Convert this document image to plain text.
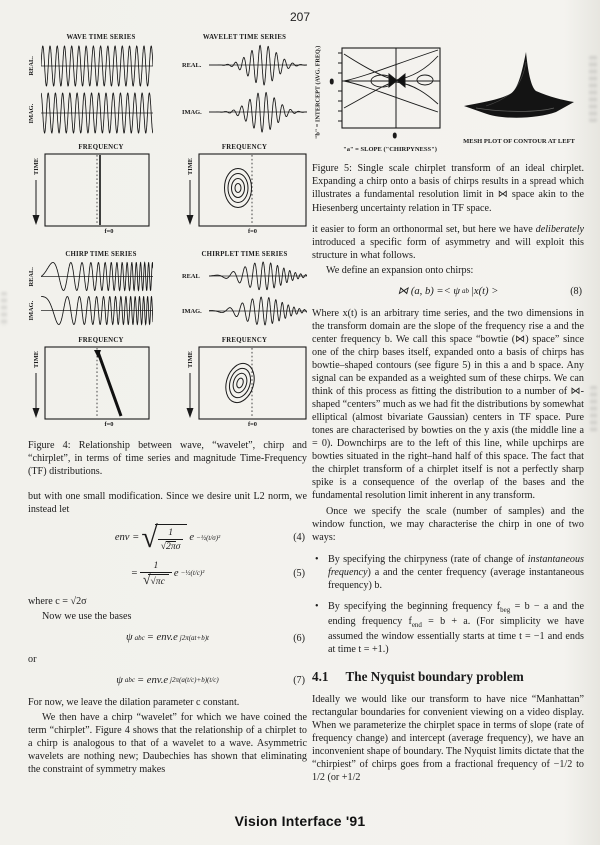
207
WAVE TIME SERIES
REAL.
IMAG.
WAVELET TIME SERIES
REAL.
IMAG.
FREQUENCY
TIME
f=0
FREQUENCY
TIME
f=0
CHIRP TIME SERIES
REAL.
IMAG.
CHIRPLET TIME SERIES
REAL
IMAG.
FREQUENCY
TIME
f=0
FREQUENCY
TIME
f=0
Figure 4: Relationship between wave, “wavelet”, chirp and “chirplet”, in terms of time series and magnitude Time-Frequency (TF) distributions.

but with one small modification. Since we desire unit L2 norm, we instead let

env = √ $\frac{1}{√2\pi\sigma}$ e −½(t/σ)²	(4)
= $\frac{1}{√ √\pi c}$ e −½(t/c)²	(5)

where c = √2σ

Now we use the bases

ψ abc = env.e j2π(at+b)t	(6)

or

ψ abc = env.e j2π(a(t/c)+b)(t/c)	(7)

For now, we leave the dilation parameter c constant.

We then have a chirp “wavelet” for which we have coined the term “chirplet”. Figure 4 shows that the relationship of a chirplet to a chirp is analogous to that of a wavelet to a wave. Asymmetric wavelets are nothing new; Daubechies has shown that eliminating the constraint of symmetry makes

"b" = INTERCEPT (AVG. FREQ.)	0
0
"a" = SLOPE ("CHIRPYNESS")
MESH PLOT OF CONTOUR AT LEFT
Figure 5: Single scale chirplet transform of an ideal chirplet. Expanding a chirp onto a basis of chirps results in a spread which illustrates a fundamental resolution limit in ⋈ space akin to the Hiesenberg uncertainty relation in TF space.

it easier to form an orthonormal set, but here we have deliberately introduced a specific form of asymmetry and will exploit this structure in what follows.

We define an expansion onto chirps:

⋈ (a, b) =< ψ ab |x(t) >	(8)

Where x(t) is an arbitrary time series, and the two dimensions in the transform domain are the slope of the frequency rise a and the center frequency b. We call this space “bowtie (⋈) space” since one of the chirp bases itself, expanded onto a basis of chirps has bowtie–shaped contours (see figure 5) in this a and b space. Any signal can be expanded as a weighted sum of these chirps. We can think of this process as fitting the distribution to a number of ⋈-shaped “centers” much as we had fit the distributions by somewhat elliptical (almost bivariate Gaussian) centers in TF space. Pure tones are characterised by bowties on the y axis (the middle line a = 0). Downchirps are to the left of this line, while upchirps are bowties situated in the right–hand half of this space. The fact that the chirplet transform of a chirplet itself is not a perfectly sharp spike is a consequence of the overlap of the bases and the fundamental resolution limit inherent in any transform.

Once we specify the scale (number of samples) and the window function, we may characterise the chirp in one of two ways:

• By specifying the chirpyness (rate of change of instantaneous frequency) a and the center frequency (average instantaneous frequency) b.
• By specifying the beginning frequency $f_{beg} = b - a$ and the ending frequency $f_{end} = b + a$. (For simplicity we have assumed the window essentially starts at time t = −1 and ends at time t = +1.)
4.1 The Nyquist boundary problem

Ideally we would like our transform to have nice “Manhattan” rectangular boundaries for convenient viewing on a video display. When we parameterize the chirplet space in terms of slope (rate of frequency change) and intercept (average frequency), we have an inconvenient shape of boundary. The Nyquist limits dictate that the “chirpiest” of chirps goes from a fractional frequency of −1/2 to 1/2 (or +1/2

Vision Interface '91
